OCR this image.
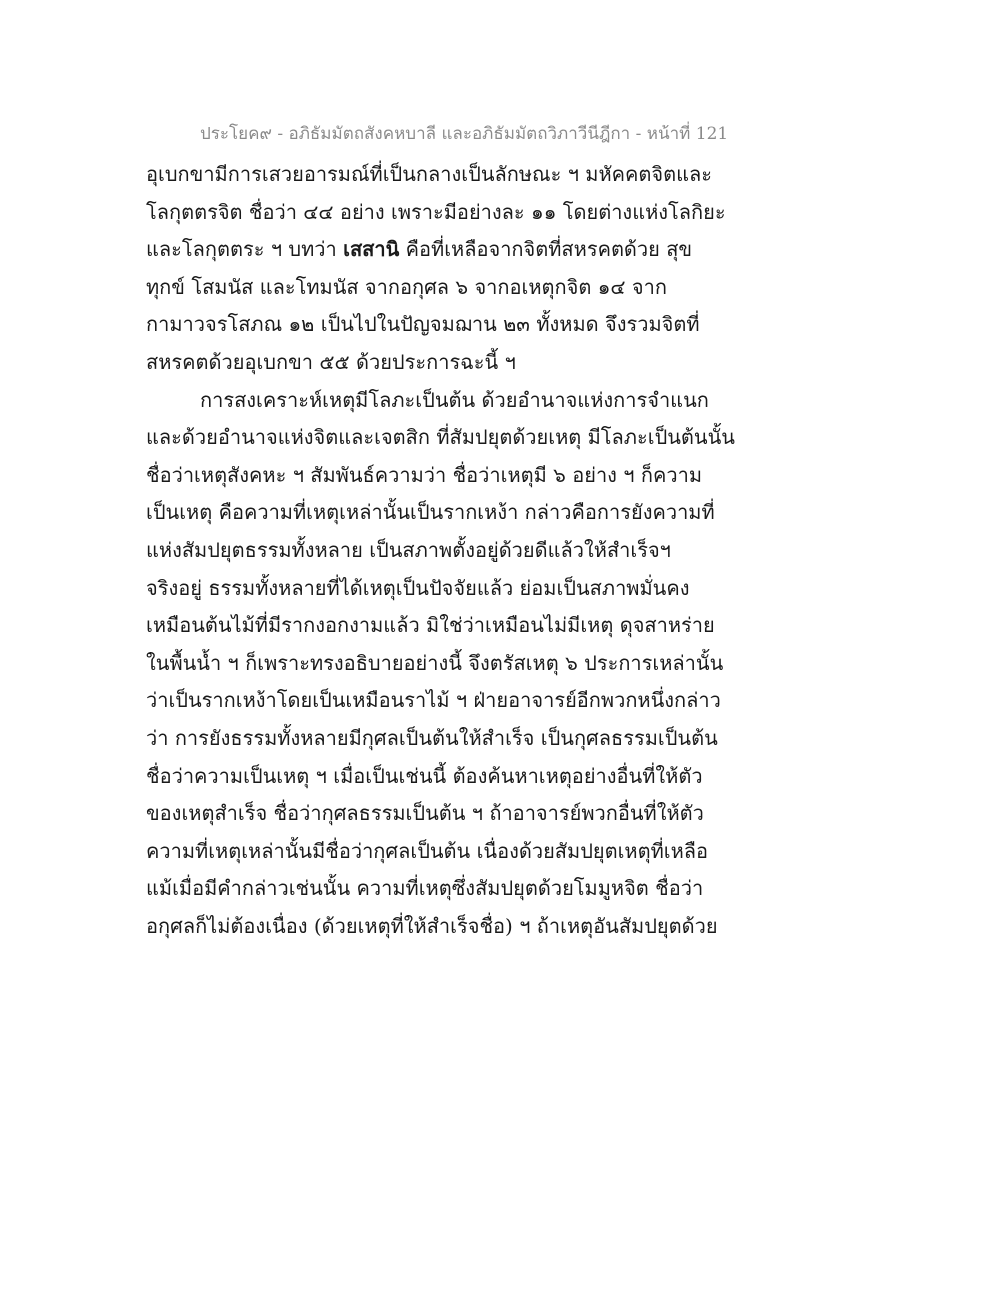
ประโยค๙ - อภิธัมมัตถสังคหบาลี และอภิธัมมัตถวิภาวีนีฎีกา - หน้าที่ 121
อุเบกขามีการเสวยอารมณ์ที่เป็นกลางเป็นลักษณะ ฯ มหัคคตจิตและ
โลกุตตรจิต ชื่อว่า ๔๔ อย่าง เพราะมีอย่างละ ๑๑ โดยต่างแห่งโลกิยะ
และโลกุตตระ ฯ บทว่า เสสานิ คือที่เหลือจากจิตที่สหรคตด้วย สุข
ทุกข์ โสมนัส และโทมนัส จากอกุศล ๖ จากอเหตุกจิต ๑๔ จาก
กามาวจรโสภณ ๑๒ เป็นไปในปัญจมฌาน ๒๓ ทั้งหมด จึงรวมจิตที่
สหรคตด้วยอุเบกขา ๕๕ ด้วยประการฉะนี้ ฯ
การสงเคราะห์เหตุมีโลภะเป็นต้น ด้วยอำนาจแห่งการจำแนก
และด้วยอำนาจแห่งจิตและเจตสิก ที่สัมปยุตด้วยเหตุ มีโลภะเป็นต้นนั้น
ชื่อว่าเหตุสังคหะ ฯ สัมพันธ์ความว่า ชื่อว่าเหตุมี ๖ อย่าง ฯ ก็ความ
เป็นเหตุ คือความที่เหตุเหล่านั้นเป็นรากเหง้า กล่าวคือการยังความที่
แห่งสัมปยุตธรรมทั้งหลาย เป็นสภาพตั้งอยู่ด้วยดีแล้วให้สำเร็จฯ
จริงอยู่ ธรรมทั้งหลายที่ได้เหตุเป็นปัจจัยแล้ว ย่อมเป็นสภาพมั่นคง
เหมือนต้นไม้ที่มีรากงอกงามแล้ว มิใช่ว่าเหมือนไม่มีเหตุ ดุจสาหร่าย
ในพื้นน้ำ ฯ ก็เพราะทรงอธิบายอย่างนี้ จึงตรัสเหตุ ๖ ประการเหล่านั้น
ว่าเป็นรากเหง้าโดยเป็นเหมือนราไม้ ฯ ฝ่ายอาจารย์อีกพวกหนึ่งกล่าว
ว่า การยังธรรมทั้งหลายมีกุศลเป็นต้นให้สำเร็จ เป็นกุศลธรรมเป็นต้น
ชื่อว่าความเป็นเหตุ ฯ เมื่อเป็นเช่นนี้ ต้องค้นหาเหตุอย่างอื่นที่ให้ตัว
ของเหตุสำเร็จ ชื่อว่ากุศลธรรมเป็นต้น ฯ ถ้าอาจารย์พวกอื่นที่ให้ตัว
ความที่เหตุเหล่านั้นมีชื่อว่ากุศลเป็นต้น เนื่องด้วยสัมปยุตเหตุที่เหลือ
แม้เมื่อมีคำกล่าวเช่นนั้น ความที่เหตุซึ่งสัมปยุตด้วยโมมูหจิต ชื่อว่า
อกุศลก็ไม่ต้องเนื่อง (ด้วยเหตุที่ให้สำเร็จชื่อ) ฯ ถ้าเหตุอันสัมปยุตด้วย
